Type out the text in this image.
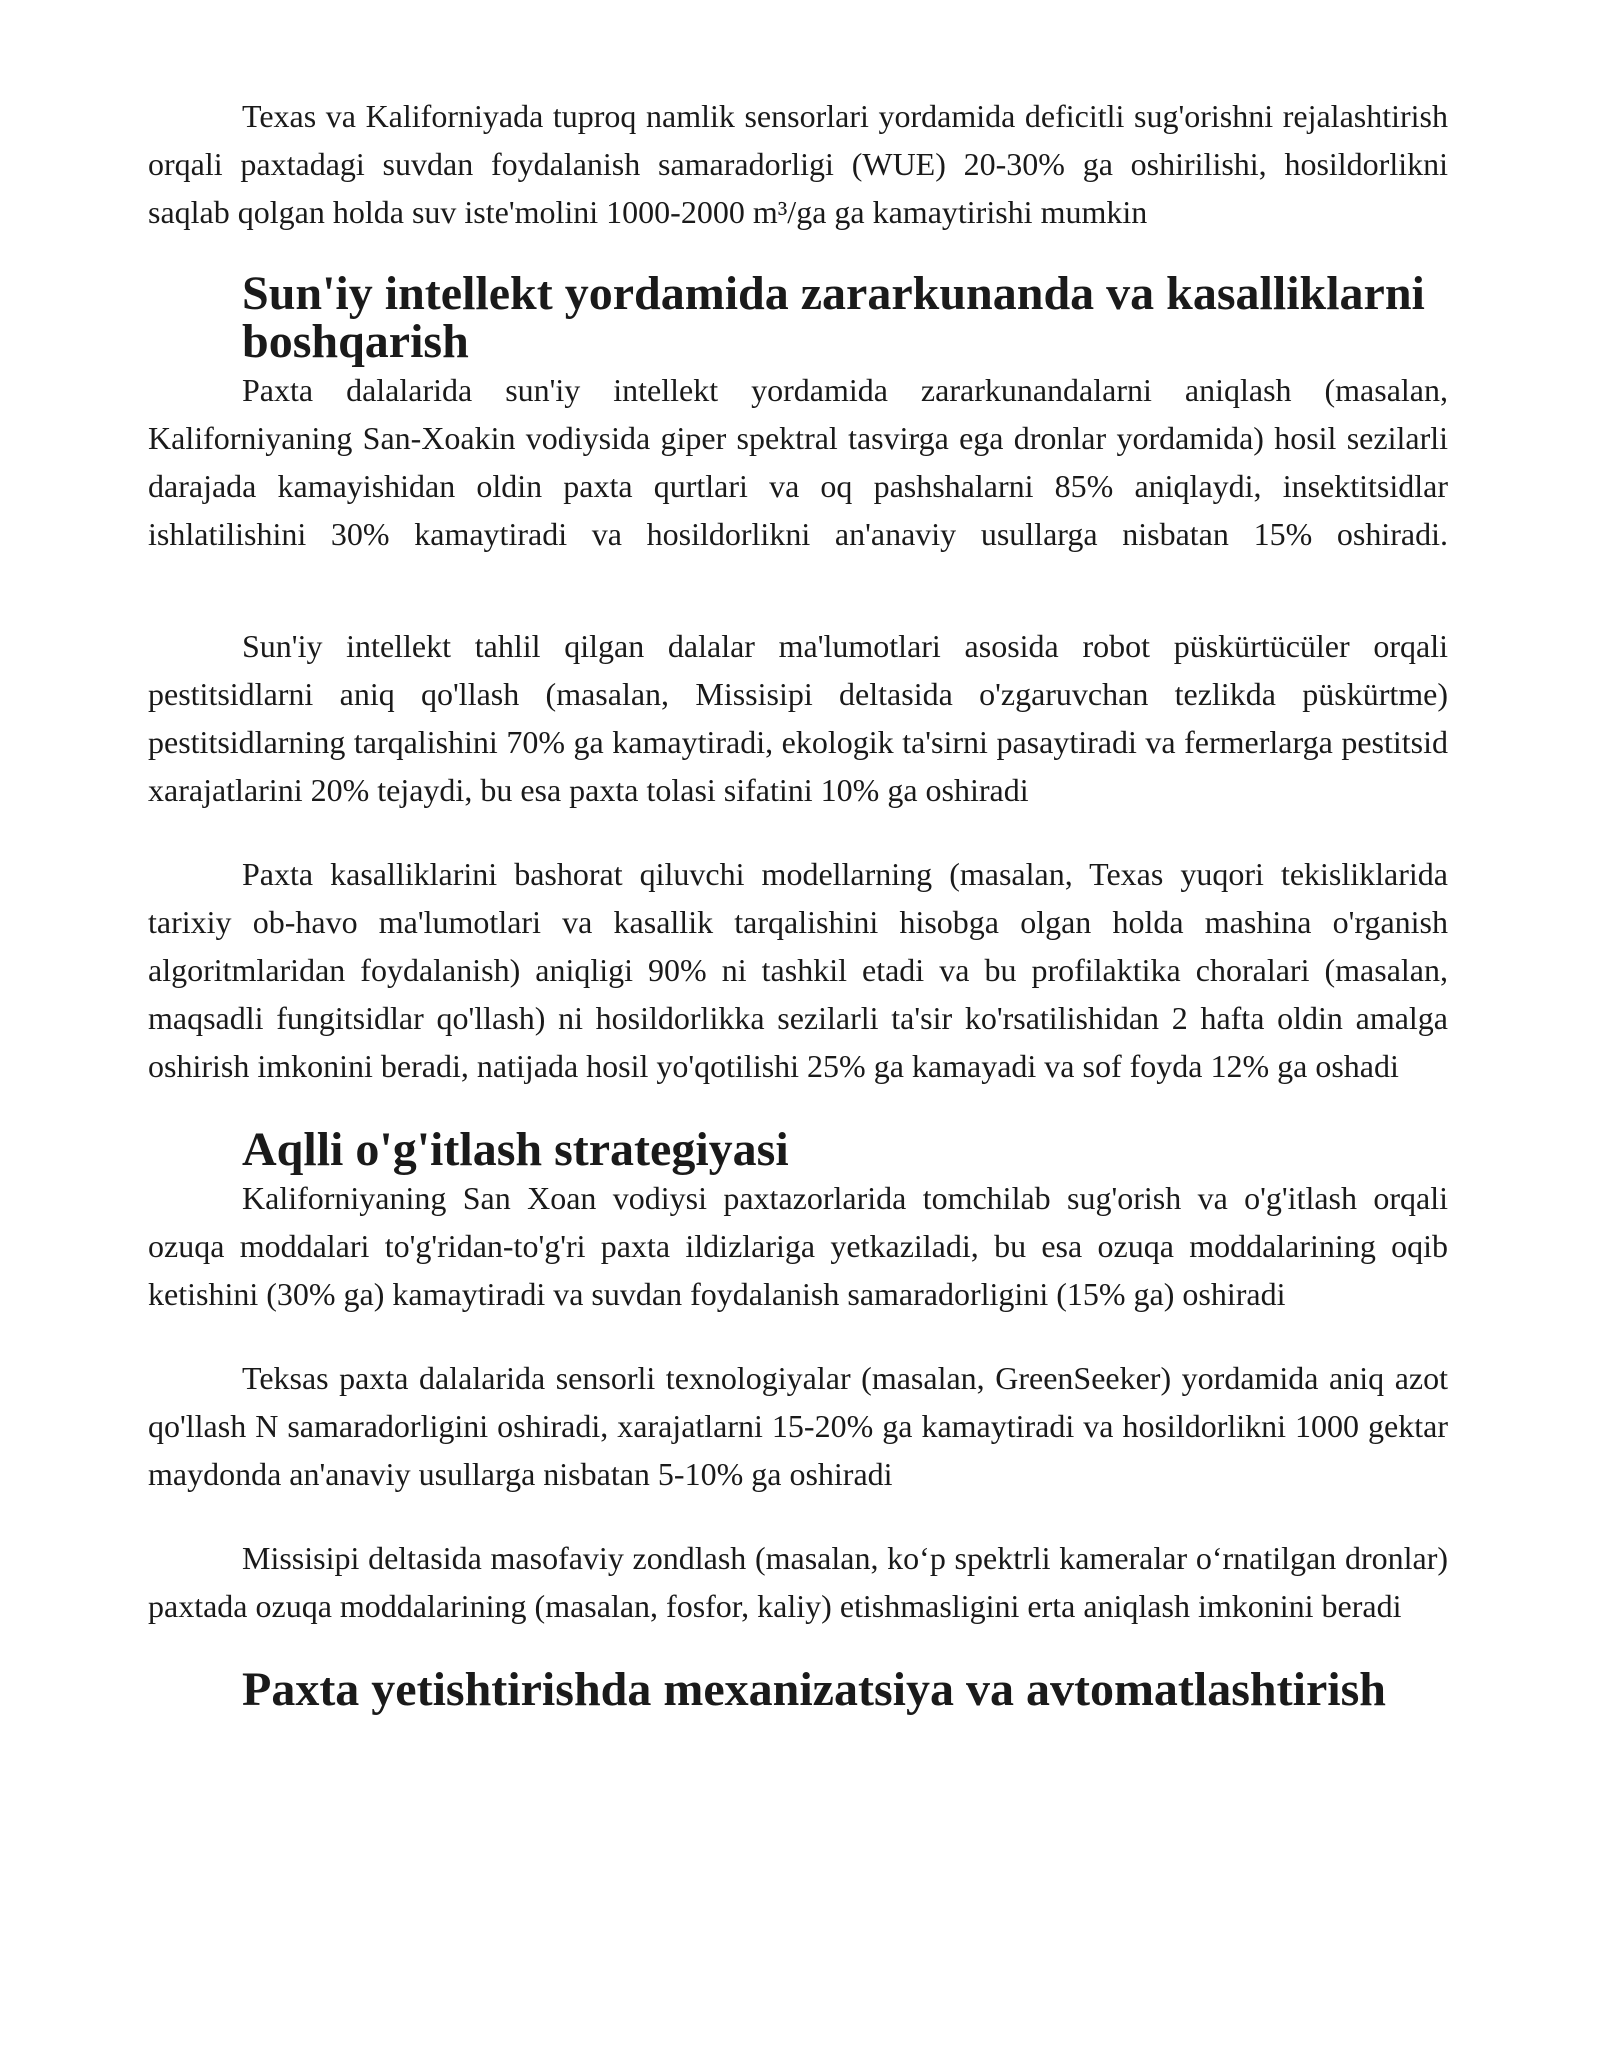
Texas va Kaliforniyada tuproq namlik sensorlari yordamida deficitli sug'orishni rejalashtirish orqali paxtadagi suvdan foydalanish samaradorligi (WUE) 20-30% ga oshirilishi, hosildorlikni saqlab qolgan holda suv iste'molini 1000-2000 m³/ga ga kamaytirishi mumkin

Sun'iy intellekt yordamida zararkunanda va kasalliklarni boshqarish

Paxta dalalarida sun'iy intellekt yordamida zararkunandalarni aniqlash (masalan, Kaliforniyaning San-Xoakin vodiysida giper spektral tasvirga ega dronlar yordamida) hosil sezilarli darajada kamayishidan oldin paxta qurtlari va oq pashshalarni 85% aniqlaydi, insektitsidlar ishlatilishini 30% kamaytiradi va hosildorlikni an'anaviy usullarga nisbatan 15% oshiradi.

Sun'iy intellekt tahlil qilgan dalalar ma'lumotlari asosida robot püskürtücüler orqali pestitsidlarni aniq qo'llash (masalan, Missisipi deltasida o'zgaruvchan tezlikda püskürtme) pestitsidlarning tarqalishini 70% ga kamaytiradi, ekologik ta'sirni pasaytiradi va fermerlarga pestitsid xarajatlarini 20% tejaydi, bu esa paxta tolasi sifatini 10% ga oshiradi

Paxta kasalliklarini bashorat qiluvchi modellarning (masalan, Texas yuqori tekisliklarida tarixiy ob-havo ma'lumotlari va kasallik tarqalishini hisobga olgan holda mashina o'rganish algoritmlaridan foydalanish) aniqligi 90% ni tashkil etadi va bu profilaktika choralari (masalan, maqsadli fungitsidlar qo'llash) ni hosildorlikka sezilarli ta'sir ko'rsatilishidan 2 hafta oldin amalga oshirish imkonini beradi, natijada hosil yo'qotilishi 25% ga kamayadi va sof foyda 12% ga oshadi

Aqlli o'g'itlash strategiyasi

Kaliforniyaning San Xoan vodiysi paxtazorlarida tomchilab sug'orish va o'g'itlash orqali ozuqa moddalari to'g'ridan-to'g'ri paxta ildizlariga yetkaziladi, bu esa ozuqa moddalarining oqib ketishini (30% ga) kamaytiradi va suvdan foydalanish samaradorligini (15% ga) oshiradi

Teksas paxta dalalarida sensorli texnologiyalar (masalan, GreenSeeker) yordamida aniq azot qo'llash N samaradorligini oshiradi, xarajatlarni 15-20% ga kamaytiradi va hosildorlikni 1000 gektar maydonda an'anaviy usullarga nisbatan 5-10% ga oshiradi

Missisipi deltasida masofaviy zondlash (masalan, ko‘p spektrli kameralar o‘rnatilgan dronlar) paxtada ozuqa moddalarining (masalan, fosfor, kaliy) etishmasligini erta aniqlash imkonini beradi

Paxta yetishtirishda mexanizatsiya va avtomatlashtirish
